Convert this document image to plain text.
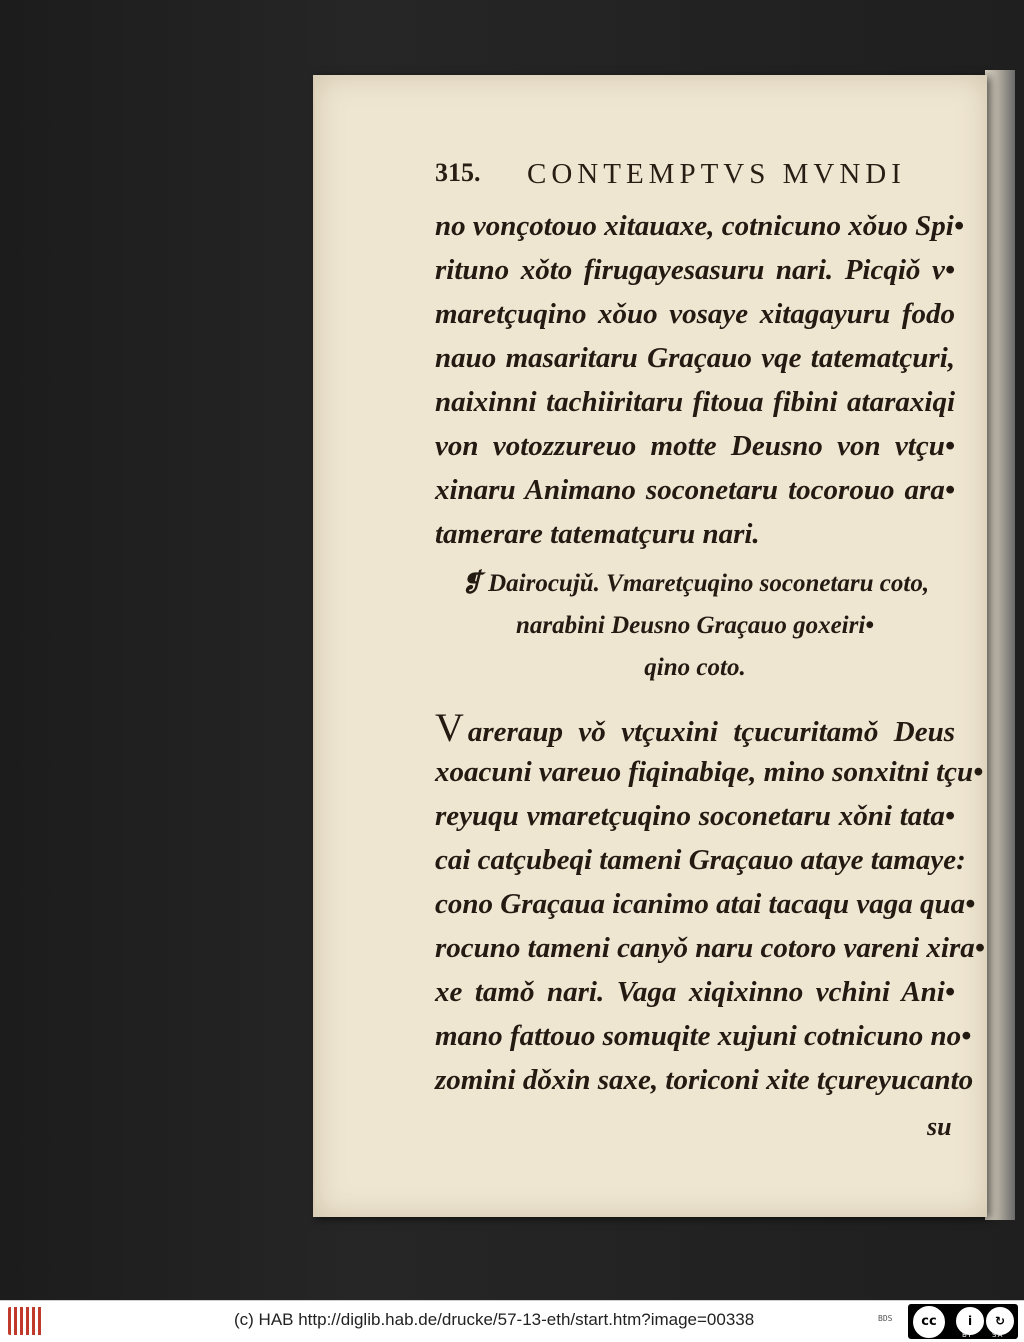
315. CONTEMPTVS MVNDI
no vonçotouo xitauaxe, cotnicuno xǒuo Spi•
rituno xǒto firugayesasuru nari. Picqiǒ v•
maretçuqino xǒuo vosaye xitagayuru fodo
nauo masaritaru Graçauo vqe tatematçuri,
naixinni tachiiritaru fitoua fibini ataraxiqi
von votozzureuo motte Deusno von vtçu•
xinaru Animano soconetaru tocorouo ara•
tamerare tatematçuru nari.
❡ Dairocujǔ. Vmaretçuqino soconetaru coto,
narabini Deusno Graçauo goxeiri•
qino coto.
V areraup vǒ vtçuxini tçucuritamǒ Deus
xoacuni vareuo fiqinabiqe, mino sonxitni tçu•
reyuqu vmaretçuqino soconetaru xǒni tata•
cai catçubeqi tameni Graçauo ataye tamaye:
cono Graçaua icanimo atai tacaqu vaga qua•
rocuno tameni canyǒ naru cotoro vareni xira•
xe tamǒ nari. Vaga xiqixinno vchini Ani•
mano fattouo somuqite xujuni cotnicuno no•
zomini dǒxin saxe, toriconi xite tçureyucanto
su
(c) HAB http://diglib.hab.de/drucke/57-13-eth/start.htm?image=00338	BDS	cc	i	↻
BY	SA
